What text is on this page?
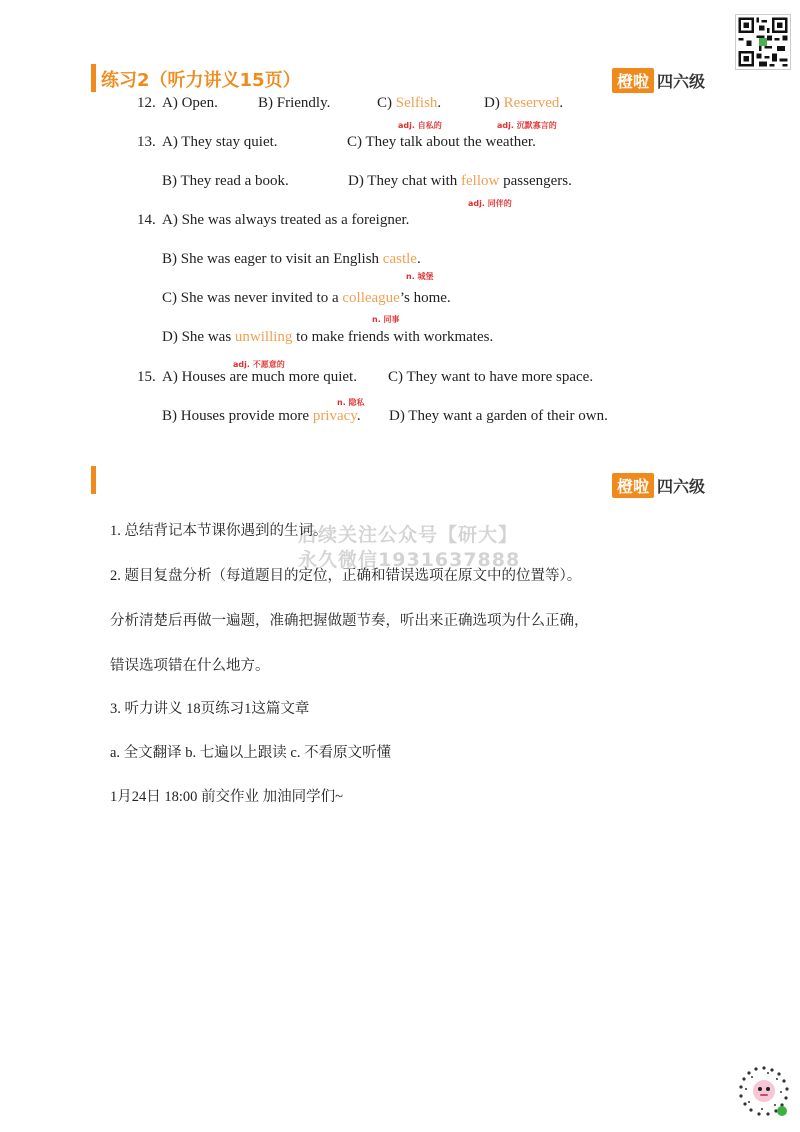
练习2（听力讲义15页）	橙啦 四六级
12. A) Open.	B) Friendly.	C) Selfish.	D) Reserved.
adj. 自私的	adj. 沉默寡言的
13. A) They stay quiet.	C) They talk about the weather.
B) They read a book.	D) They chat with fellow passengers.
adj. 同伴的
14. A) She was always treated as a foreigner.
B) She was eager to visit an English castle.
n. 城堡
C) She was never invited to a colleague’s home.
n. 同事
D) She was unwilling to make friends with workmates.
adj. 不愿意的
15. A) Houses are much more quiet. C) They want to have more space.
n. 隐私
B) Houses provide more privacy. D) They want a garden of their own.
橙啦 四六级
后续关注公众号【研大】
永久微信1931637888
1. 总结背记本节课你遇到的生词。
2. 题目复盘分析（每道题目的定位，正确和错误选项在原文中的位置等）。
分析清楚后再做一遍题，准确把握做题节奏，听出来正确选项为什么正确，
错误选项错在什么地方。
3. 听力讲义 18页练习1这篇文章
a. 全文翻译 b. 七遍以上跟读 c. 不看原文听懂
1月24日 18:00 前交作业 加油同学们~
